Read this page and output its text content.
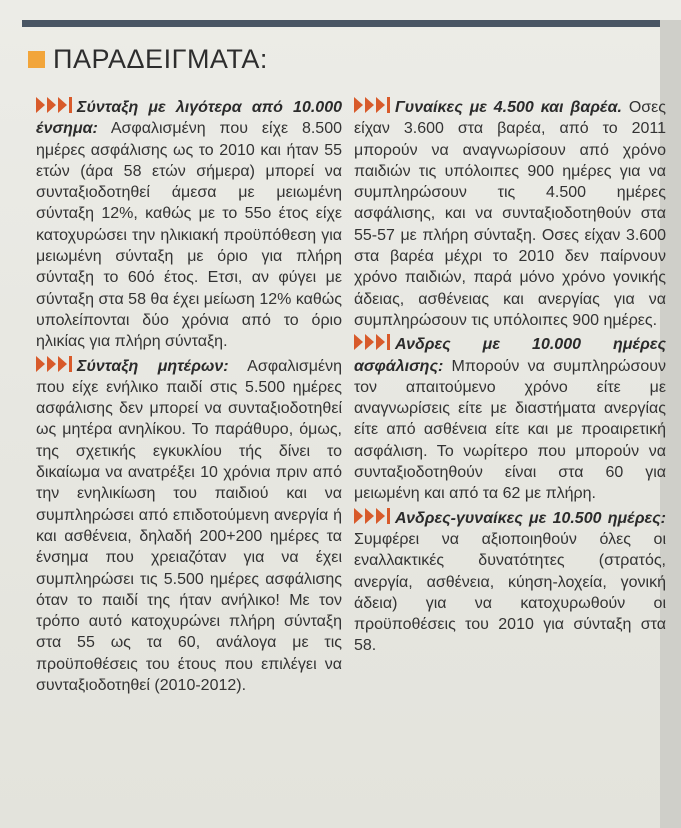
ΠΑΡΑΔΕΙΓΜΑΤΑ:
Σύνταξη με λιγότερα από 10.000 ένσημα: Ασφαλισμένη που είχε 8.500 ημέρες ασφάλισης ως το 2010 και ήταν 55 ετών (άρα 58 ετών σήμερα) μπορεί να συνταξιοδοτηθεί άμεσα με μειωμένη σύνταξη 12%, καθώς με το 55ο έτος είχε κατοχυρώσει την ηλικιακή προϋπόθεση για μειωμένη σύνταξη με όριο για πλήρη σύνταξη το 60ό έτος. Ετσι, αν φύγει με σύνταξη στα 58 θα έχει μείωση 12% καθώς υπολείπονται δύο χρόνια από το όριο ηλικίας για πλήρη σύνταξη.
Σύνταξη μητέρων: Ασφαλισμένη που είχε ενήλικο παιδί στις 5.500 ημέρες ασφάλισης δεν μπορεί να συνταξιοδοτηθεί ως μητέρα ανηλίκου. Το παράθυρο, όμως, της σχετικής εγκυκλίου τής δίνει το δικαίωμα να ανατρέξει 10 χρόνια πριν από την ενηλικίωση του παιδιού και να συμπληρώσει από επιδοτούμενη ανεργία ή και ασθένεια, δηλαδή 200+200 ημέρες τα ένσημα που χρειαζόταν για να έχει συμπληρώσει τις 5.500 ημέρες ασφάλισης όταν το παιδί της ήταν ανήλικο! Με τον τρόπο αυτό κατοχυρώνει πλήρη σύνταξη στα 55 ως τα 60, ανάλογα με τις προϋποθέσεις του έτους που επιλέγει να συνταξιοδοτηθεί (2010-2012).
Γυναίκες με 4.500 και βαρέα. Οσες είχαν 3.600 στα βαρέα, από το 2011 μπορούν να αναγνωρίσουν από χρόνο παιδιών τις υπόλοιπες 900 ημέρες για να συμπληρώσουν τις 4.500 ημέρες ασφάλισης, και να συνταξιοδοτηθούν στα 55-57 με πλήρη σύνταξη. Οσες είχαν 3.600 στα βαρέα μέχρι το 2010 δεν παίρνουν χρόνο παιδιών, παρά μόνο χρόνο γονικής άδειας, ασθένειας και ανεργίας για να συμπληρώσουν τις υπόλοιπες 900 ημέρες.
Ανδρες με 10.000 ημέρες ασφάλισης: Μπορούν να συμπληρώσουν τον απαιτούμενο χρόνο είτε με αναγνωρίσεις είτε με διαστήματα ανεργίας είτε από ασθένεια είτε και με προαιρετική ασφάλιση. Το νωρίτερο που μπορούν να συνταξιοδοτηθούν είναι στα 60 για μειωμένη και από τα 62 με πλήρη.
Ανδρες-γυναίκες με 10.500 ημέρες: Συμφέρει να αξιοποιηθούν όλες οι εναλλακτικές δυνατότητες (στρατός, ανεργία, ασθένεια, κύηση-λοχεία, γονική άδεια) για να κατοχυρωθούν οι προϋποθέσεις του 2010 για σύνταξη στα 58.
